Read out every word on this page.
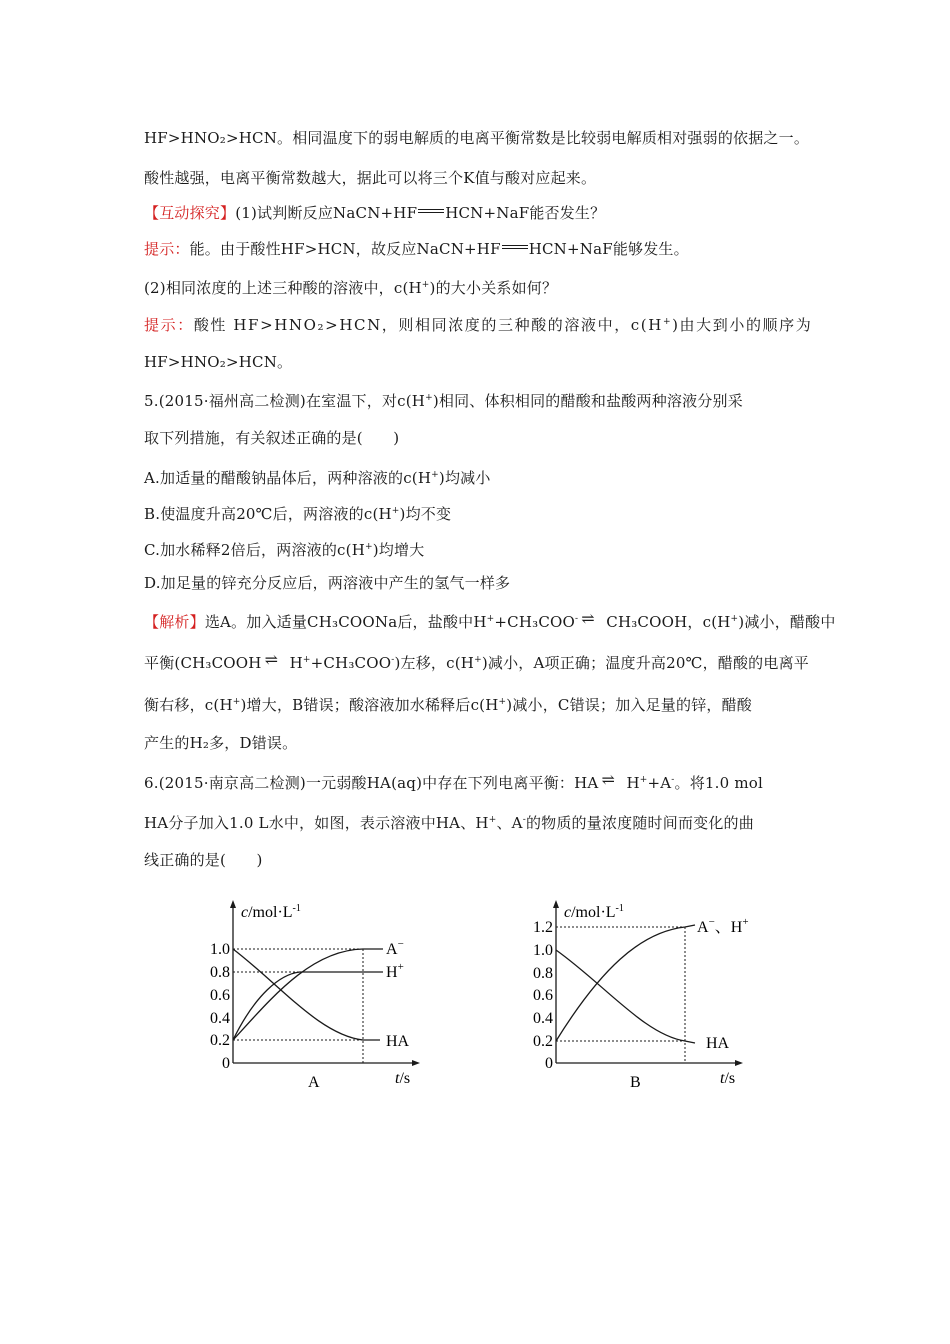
HF>HNO₂>HCN。相同温度下的弱电解质的电离平衡常数是比较弱电解质相对强弱的依据之一。
酸性越强，电离平衡常数越大，据此可以将三个K值与酸对应起来。
【互动探究】(1)试判断反应NaCN+HF HCN+NaF能否发生？
提示：能。由于酸性HF>HCN，故反应NaCN+HF HCN+NaF能够发生。
(2)相同浓度的上述三种酸的溶液中，c(H+)的大小关系如何？
提示：酸性 HF>HNO₂>HCN，则相同浓度的三种酸的溶液中，c(H+)由大到小的顺序为
HF>HNO₂>HCN。
5.(2015·福州高二检测)在室温下，对c(H+)相同、体积相同的醋酸和盐酸两种溶液分别采
取下列措施，有关叙述正确的是(　　)
A.加适量的醋酸钠晶体后，两种溶液的c(H+)均减小
B.使温度升高20℃后，两溶液的c(H+)均不变
C.加水稀释2倍后，两溶液的c(H+)均增大
D.加足量的锌充分反应后，两溶液中产生的氢气一样多
【解析】选A。加入适量CH₃COONa后，盐酸中H++CH₃COO- ⇌ CH₃COOH，c(H+)减小，醋酸中
平衡(CH₃COOH ⇌ H++CH₃COO-)左移，c(H+)减小，A项正确；温度升高20℃，醋酸的电离平
衡右移，c(H+)增大，B错误；酸溶液加水稀释后c(H+)减小，C错误；加入足量的锌，醋酸
产生的H₂多，D错误。
6.(2015·南京高二检测)一元弱酸HA(aq)中存在下列电离平衡：HA ⇌ H++A-。将1.0 mol
HA分子加入1.0 L水中，如图，表示溶液中HA、H+、A-的物质的量浓度随时间而变化的曲
线正确的是(　　)
$c/mol\cdot L^{-1}$
1.0
0.8
0.6
0.4
0.2
0
A−
H+
HA
A	t/s
$c/mol\cdot L^{-1}$
1.2
1.0
0.8
0.6
0.4
0.2
0
A−、H+
HA
B	t/s
